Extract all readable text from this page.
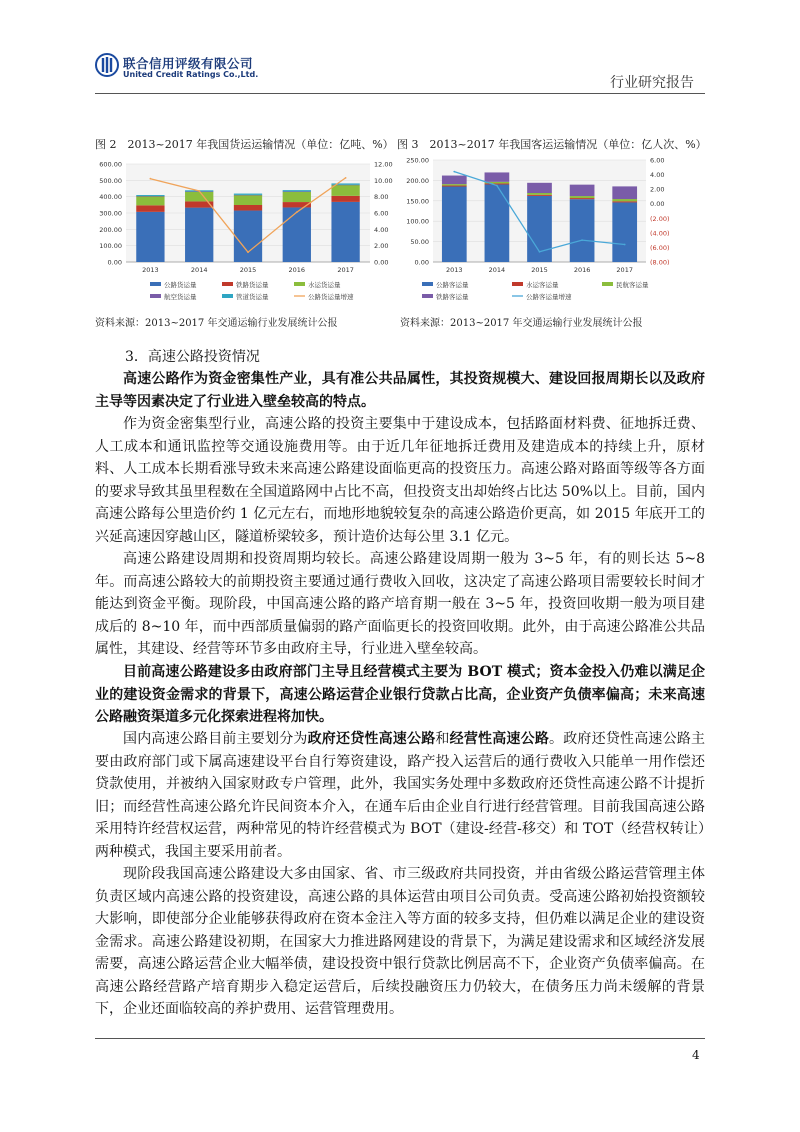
联合信用评级有限公司
United Credit Ratings Co.,Ltd.
行业研究报告
图 2　2013~2017 年我国货运运输情况（单位：亿吨、%） 图 3　2013~2017 年我国客运运输情况（单位：亿人次、%）
0.00
100.00
200.00
300.00
400.00
500.00
600.00
0.00
2.00
4.00
6.00
8.00
10.00
12.00
2013	2014	2015	2016	2017
公路货运量	铁路货运量	水运货运量
航空货运量	管道货运量	公路货运量增速
0.00
50.00
100.00
150.00
200.00
250.00
(8.00)
(6.00)
(4.00)
(2.00)
0.00
2.00
4.00
6.00
2013	2014	2015	2016	2017
公路客运量	水运客运量	民航客运量
铁路客运量	公路客运量增速
资料来源：2013~2017 年交通运输行业发展统计公报	资料来源：2013~2017 年交通运输行业发展统计公报
3．高速公路投资情况

高速公路作为资金密集性产业，具有准公共品属性，其投资规模大、建设回报周期长以及政府主导等因素决定了行业进入壁垒较高的特点。

作为资金密集型行业，高速公路的投资主要集中于建设成本，包括路面材料费、征地拆迁费、人工成本和通讯监控等交通设施费用等。由于近几年征地拆迁费用及建造成本的持续上升，原材料、人工成本长期看涨导致未来高速公路建设面临更高的投资压力。高速公路对路面等级等各方面的要求导致其虽里程数在全国道路网中占比不高，但投资支出却始终占比达 50%以上。目前，国内高速公路每公里造价约 1 亿元左右，而地形地貌较复杂的高速公路造价更高，如 2015 年底开工的兴延高速因穿越山区，隧道桥梁较多，预计造价达每公里 3.1 亿元。

高速公路建设周期和投资周期均较长。高速公路建设周期一般为 3~5 年，有的则长达 5~8 年。而高速公路较大的前期投资主要通过通行费收入回收，这决定了高速公路项目需要较长时间才能达到资金平衡。现阶段，中国高速公路的路产培育期一般在 3~5 年，投资回收期一般为项目建成后的 8~10 年，而中西部质量偏弱的路产面临更长的投资回收期。此外，由于高速公路准公共品属性，其建设、经营等环节多由政府主导，行业进入壁垒较高。

目前高速公路建设多由政府部门主导且经营模式主要为 BOT 模式；资本金投入仍难以满足企业的建设资金需求的背景下，高速公路运营企业银行贷款占比高，企业资产负债率偏高；未来高速公路融资渠道多元化探索进程将加快。

国内高速公路目前主要划分为政府还贷性高速公路和经营性高速公路。政府还贷性高速公路主要由政府部门或下属高速建设平台自行筹资建设，路产投入运营后的通行费收入只能单一用作偿还贷款使用，并被纳入国家财政专户管理，此外，我国实务处理中多数政府还贷性高速公路不计提折旧；而经营性高速公路允许民间资本介入，在通车后由企业自行进行经营管理。目前我国高速公路采用特许经营权运营，两种常见的特许经营模式为 BOT（建设-经营-移交）和 TOT（经营权转让）两种模式，我国主要采用前者。

现阶段我国高速公路建设大多由国家、省、市三级政府共同投资，并由省级公路运营管理主体负责区域内高速公路的投资建设，高速公路的具体运营由项目公司负责。受高速公路初始投资额较大影响，即使部分企业能够获得政府在资本金注入等方面的较多支持，但仍难以满足企业的建设资金需求。高速公路建设初期，在国家大力推进路网建设的背景下，为满足建设需求和区域经济发展需要，高速公路运营企业大幅举债，建设投资中银行贷款比例居高不下，企业资产负债率偏高。在高速公路经营路产培育期步入稳定运营后，后续投融资压力仍较大，在债务压力尚未缓解的背景下，企业还面临较高的养护费用、运营管理费用。

4
